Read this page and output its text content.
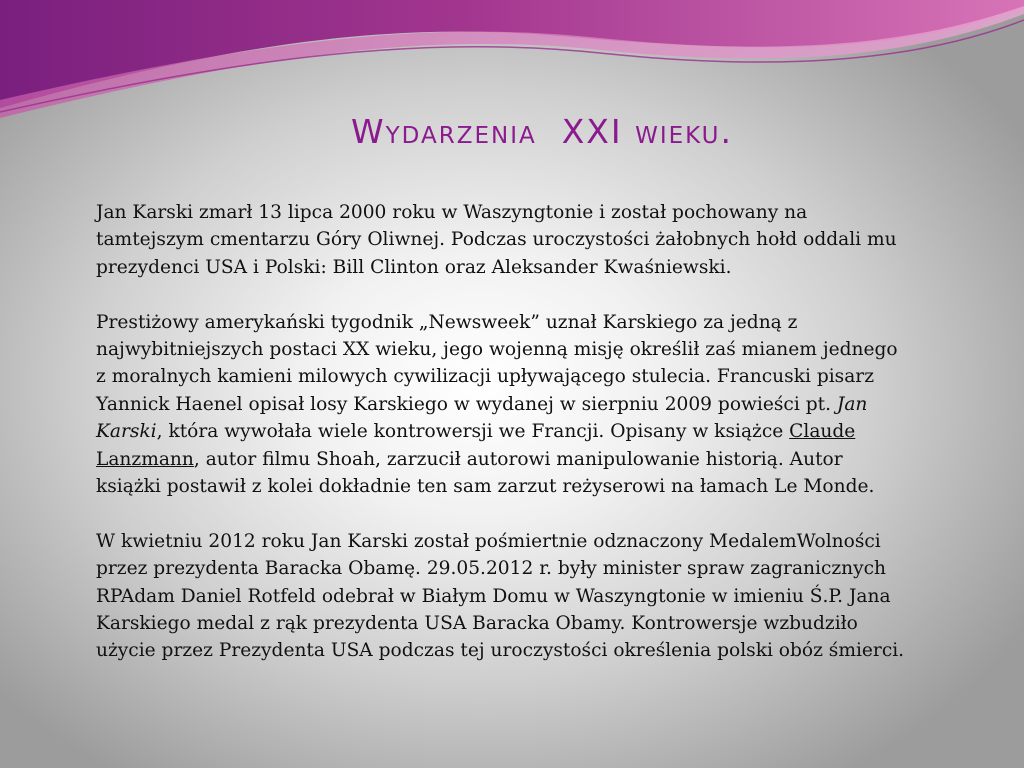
Wydarzenia  XXI wieku.

Jan Karski zmarł 13 lipca 2000 roku w Waszyngtonie i został pochowany na tamtejszym cmentarzu Góry Oliwnej. Podczas uroczystości żałobnych hołd oddali mu prezydenci USA i Polski: Bill Clinton oraz Aleksander Kwaśniewski.

Prestiżowy amerykański tygodnik „Newsweek” uznał Karskiego za jedną z najwybitniejszych postaci XX wieku, jego wojenną misję określił zaś mianem jednego z moralnych kamieni milowych cywilizacji upływającego stulecia. Francuski pisarz Yannick Haenel opisał losy Karskiego w wydanej w sierpniu 2009 powieści pt. Jan Karski, która wywołała wiele kontrowersji we Francji. Opisany w książce Claude Lanzmann, autor filmu Shoah, zarzucił autorowi manipulowanie historią. Autor książki postawił z kolei dokładnie ten sam zarzut reżyserowi na łamach Le Monde.

W kwietniu 2012 roku Jan Karski został pośmiertnie odznaczony MedalemWolności przez prezydenta Baracka Obamę. 29.05.2012 r. były minister spraw zagranicznych RPAdam Daniel Rotfeld odebrał w Białym Domu w Waszyngtonie w imieniu Ś.P. Jana Karskiego medal z rąk prezydenta USA Baracka Obamy. Kontrowersje wzbudziło użycie przez Prezydenta USA podczas tej uroczystości określenia polski obóz śmierci.
